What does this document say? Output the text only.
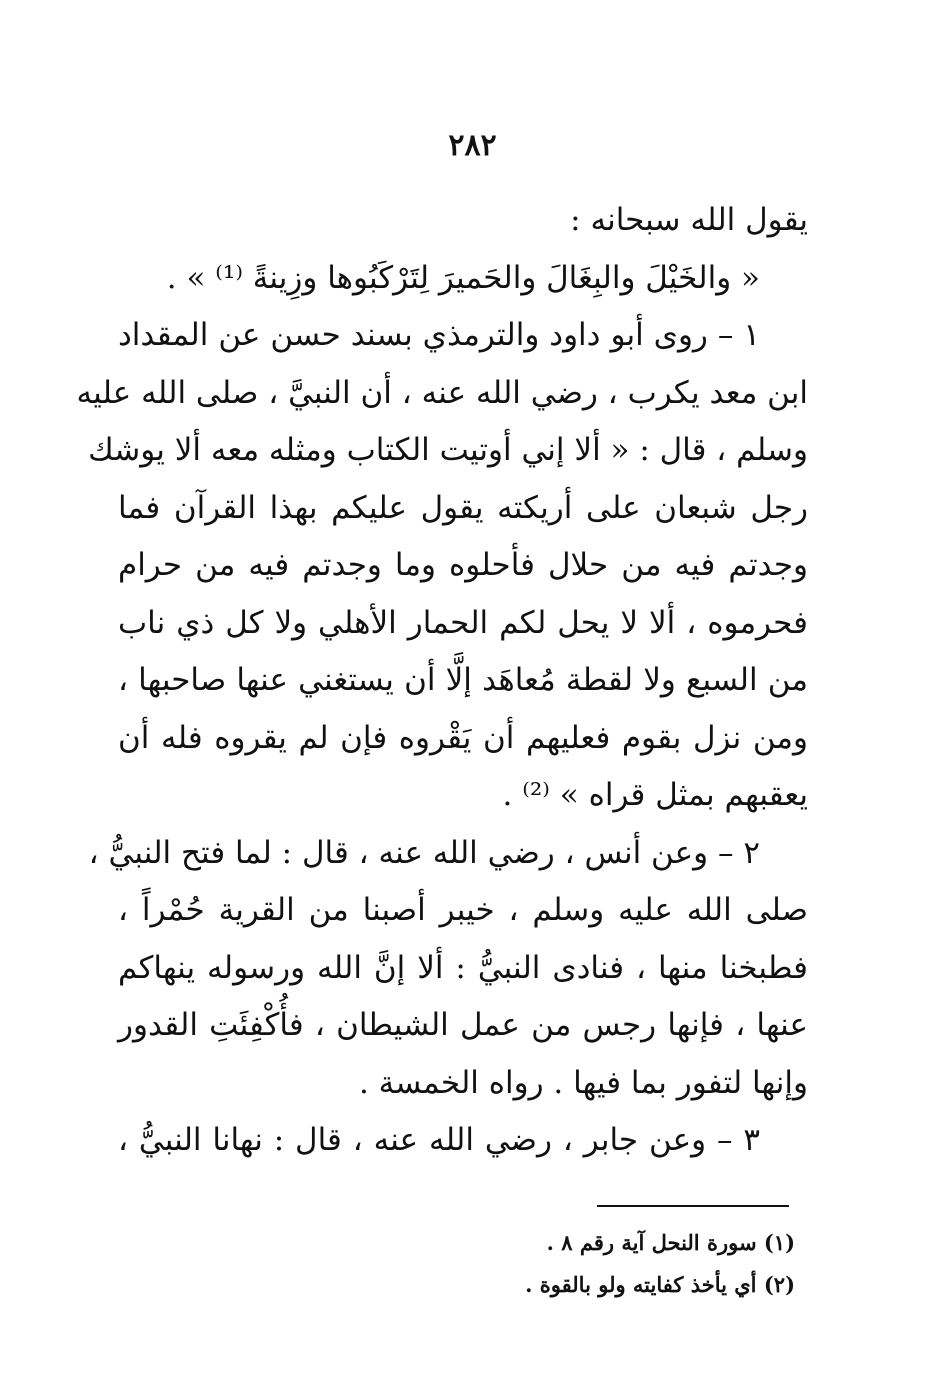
٢٨٢
يقول الله سبحانه :
« والخَيْلَ والبِغَالَ والحَميرَ لِتَرْكَبُوها وزِينةً ⁽¹⁾ » .
١ – روى أبو داود والترمذي بسند حسن عن المقداد
ابن معد يكرب ، رضي الله عنه ، أن النبيَّ ، صلى الله عليه
وسلم ، قال : « ألا إني أوتيت الكتاب ومثله معه ألا يوشك
رجل شبعان على أريكته يقول عليكم بهذا القرآن فما
وجدتم فيه من حلال فأحلوه وما وجدتم فيه من حرام
فحرموه ، ألا لا يحل لكم الحمار الأهلي ولا كل ذي ناب
من السبع ولا لقطة مُعاهَد إلَّا أن يستغني عنها صاحبها ،
ومن نزل بقوم فعليهم أن يَقْروه فإن لم يقروه فله أن
يعقبهم بمثل قراه » ⁽²⁾ .
٢ – وعن أنس ، رضي الله عنه ، قال : لما فتح النبيُّ ،
صلى الله عليه وسلم ، خيبر أصبنا من القرية حُمْراً ،
فطبخنا منها ، فنادى النبيُّ : ألا إنَّ الله ورسوله ينهاكم
عنها ، فإنها رجس من عمل الشيطان ، فأُكْفِئَتِ القدور
وإنها لتفور بما فيها . رواه الخمسة .
٣ – وعن جابر ، رضي الله عنه ، قال : نهانا النبيُّ ،
(١) سورة النحل آية رقم ٨ .
(٢) أي يأخذ كفايته ولو بالقوة .
